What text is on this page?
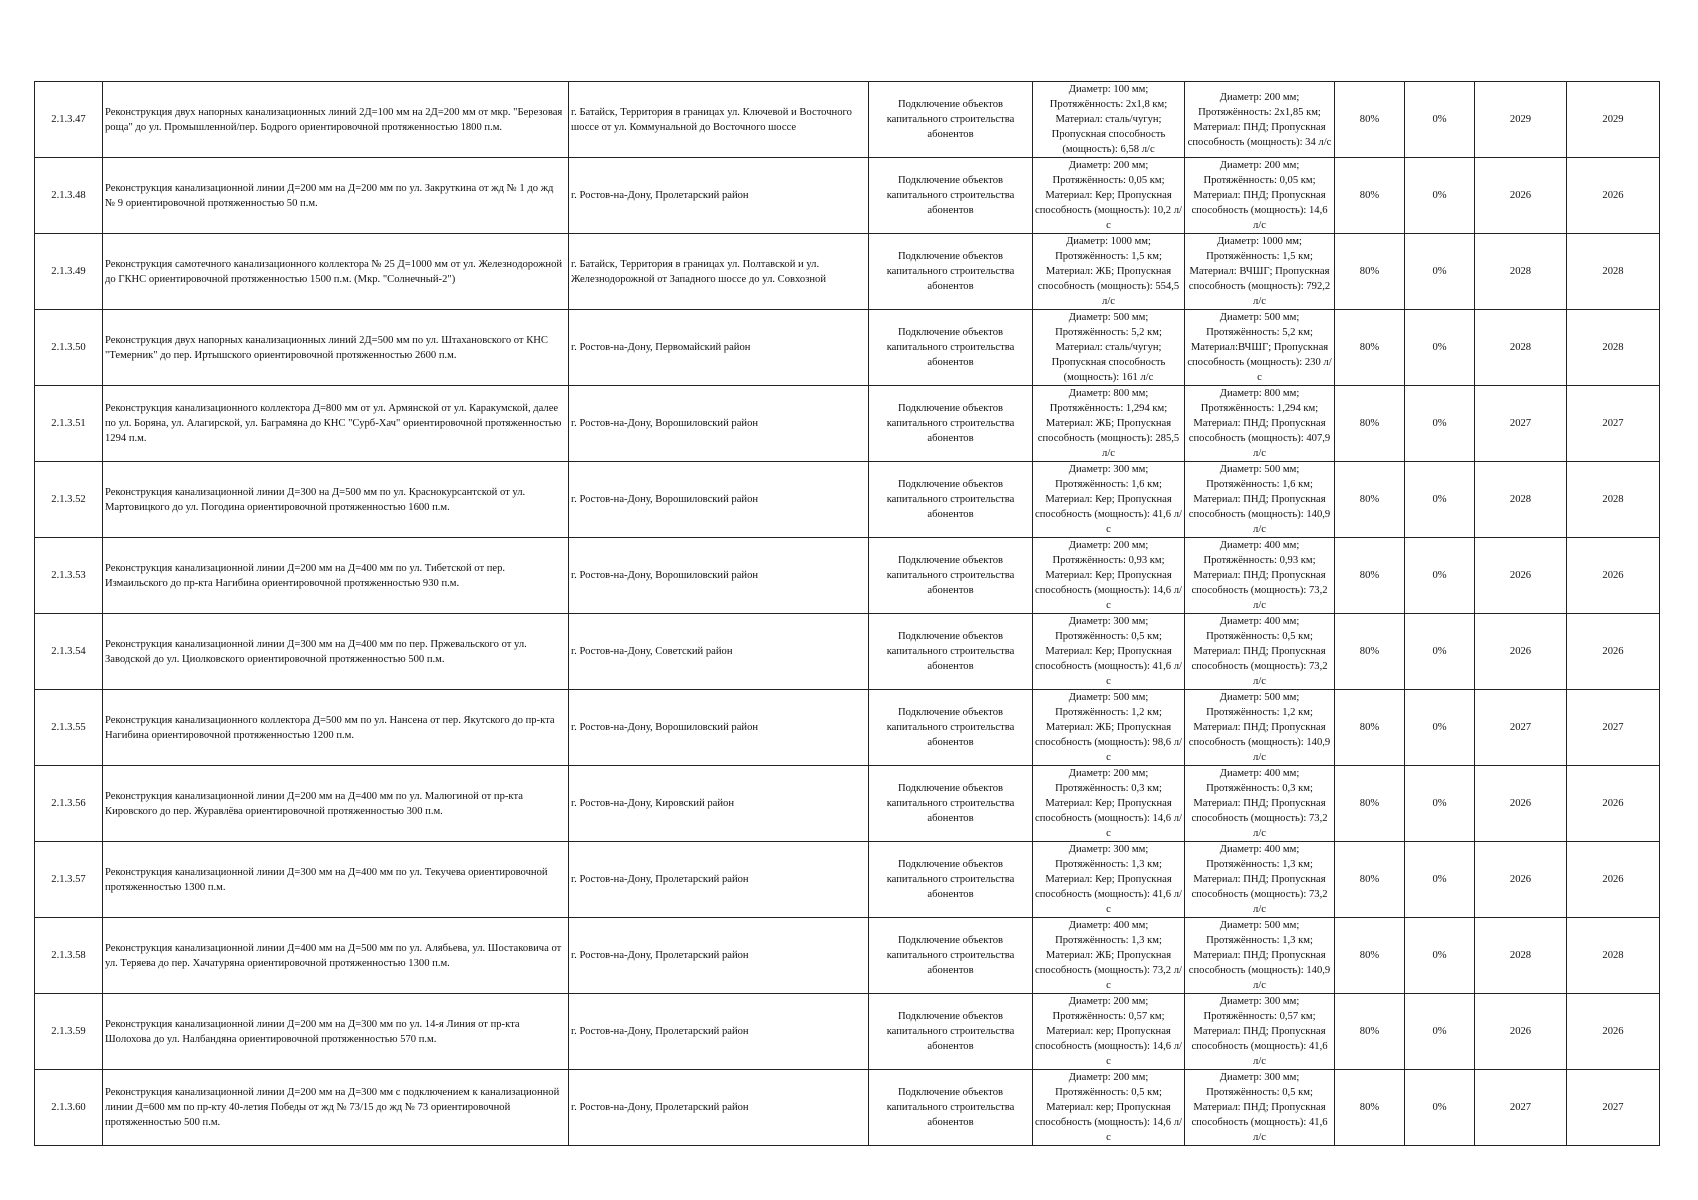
2.1.3.47	Реконструкция двух напорных канализационных линий 2Д=100 мм на 2Д=200 мм от мкр. "Березовая роща" до ул. Промышленной/пер. Бодрого ориентировочной протяженностью 1800 п.м.	г. Батайск, Территория в границах ул. Ключевой и Восточного шоссе от ул. Коммунальной до Восточного шоссе	Подключение объектов капитального строительства абонентов	Диаметр: 100 мм; Протяжённость: 2х1,8 км; Материал: сталь/чугун; Пропускная способность (мощность): 6,58 л/с	Диаметр: 200 мм; Протяжённость: 2х1,85 км; Материал: ПНД; Пропускная способность (мощность): 34 л/с	80%	0%	2029	2029
2.1.3.48	Реконструкция канализационной линии Д=200 мм на Д=200 мм по ул. Закруткина от жд № 1 до жд № 9 ориентировочной протяженностью 50 п.м.	г. Ростов-на-Дону, Пролетарский район	Подключение объектов капитального строительства абонентов	Диаметр: 200 мм; Протяжённость: 0,05 км; Материал: Кер; Пропускная способность (мощность): 10,2 л/с	Диаметр: 200 мм; Протяжённость: 0,05 км; Материал: ПНД; Пропускная способность (мощность): 14,6 л/с	80%	0%	2026	2026
2.1.3.49	Реконструкция самотечного канализационного коллектора № 25 Д=1000 мм от ул. Железнодорожной до ГКНС ориентировочной протяженностью 1500 п.м. (Мкр. "Солнечный-2")	г. Батайск, Территория в границах ул. Полтавской и ул. Железнодорожной от Западного шоссе до ул. Совхозной	Подключение объектов капитального строительства абонентов	Диаметр: 1000 мм; Протяжённость: 1,5 км; Материал: ЖБ; Пропускная способность (мощность): 554,5 л/с	Диаметр: 1000 мм; Протяжённость: 1,5 км; Материал: ВЧШГ; Пропускная способность (мощность): 792,2 л/с	80%	0%	2028	2028
2.1.3.50	Реконструкция двух напорных канализационных линий 2Д=500 мм по ул. Штахановского от КНС "Темерник" до пер. Иртышского ориентировочной протяженностью 2600 п.м.	г. Ростов-на-Дону, Первомайский район	Подключение объектов капитального строительства абонентов	Диаметр: 500 мм; Протяжённость: 5,2 км; Материал: сталь/чугун; Пропускная способность (мощность): 161 л/с	Диаметр: 500 мм; Протяжённость: 5,2 км; Материал:ВЧШГ; Пропускная способность (мощность): 230 л/с	80%	0%	2028	2028
2.1.3.51	Реконструкция канализационного коллектора Д=800 мм от ул. Армянской от ул. Каракумской, далее по ул. Боряна, ул. Алагирской, ул. Баграмяна до КНС "Сурб-Хач" ориентировочной протяженностью 1294 п.м.	г. Ростов-на-Дону, Ворошиловский район	Подключение объектов капитального строительства абонентов	Диаметр: 800 мм; Протяжённость: 1,294 км; Материал: ЖБ; Пропускная способность (мощность): 285,5 л/с	Диаметр: 800 мм; Протяжённость: 1,294 км; Материал: ПНД; Пропускная способность (мощность): 407,9 л/с	80%	0%	2027	2027
2.1.3.52	Реконструкция канализационной линии Д=300 на Д=500 мм по ул. Краснокурсантской от ул. Мартовицкого до ул. Погодина ориентировочной протяженностью 1600 п.м.	г. Ростов-на-Дону, Ворошиловский район	Подключение объектов капитального строительства абонентов	Диаметр: 300 мм; Протяжённость: 1,6 км; Материал: Кер; Пропускная способность (мощность): 41,6 л/с	Диаметр: 500 мм; Протяжённость: 1,6 км; Материал: ПНД; Пропускная способность (мощность): 140,9 л/с	80%	0%	2028	2028
2.1.3.53	Реконструкция канализационной линии Д=200 мм на Д=400 мм по ул. Тибетской от пер. Измаильского до пр-кта Нагибина ориентировочной протяженностью 930 п.м.	г. Ростов-на-Дону, Ворошиловский район	Подключение объектов капитального строительства абонентов	Диаметр: 200 мм; Протяжённость: 0,93 км; Материал: Кер; Пропускная способность (мощность): 14,6 л/с	Диаметр: 400 мм; Протяжённость: 0,93 км; Материал: ПНД; Пропускная способность (мощность): 73,2 л/с	80%	0%	2026	2026
2.1.3.54	Реконструкция канализационной линии Д=300 мм на Д=400 мм по пер. Пржевальского от ул. Заводской до ул. Циолковского ориентировочной протяженностью 500 п.м.	г. Ростов-на-Дону, Советский район	Подключение объектов капитального строительства абонентов	Диаметр: 300 мм; Протяжённость: 0,5 км; Материал: Кер; Пропускная способность (мощность): 41,6 л/с	Диаметр: 400 мм; Протяжённость: 0,5 км; Материал: ПНД; Пропускная способность (мощность): 73,2 л/с	80%	0%	2026	2026
2.1.3.55	Реконструкция канализационного коллектора Д=500 мм по ул. Нансена от пер. Якутского до пр-кта Нагибина ориентировочной протяженностью 1200 п.м.	г. Ростов-на-Дону, Ворошиловский район	Подключение объектов капитального строительства абонентов	Диаметр: 500 мм; Протяжённость: 1,2 км; Материал: ЖБ; Пропускная способность (мощность): 98,6 л/с	Диаметр: 500 мм; Протяжённость: 1,2 км; Материал: ПНД; Пропускная способность (мощность): 140,9 л/с	80%	0%	2027	2027
2.1.3.56	Реконструкция канализационной линии Д=200 мм на Д=400 мм по ул. Малюгиной от пр-кта Кировского до пер. Журавлёва ориентировочной протяженностью 300 п.м.	г. Ростов-на-Дону, Кировский район	Подключение объектов капитального строительства абонентов	Диаметр: 200 мм; Протяжённость: 0,3 км; Материал: Кер; Пропускная способность (мощность): 14,6 л/с	Диаметр: 400 мм; Протяжённость: 0,3 км; Материал: ПНД; Пропускная способность (мощность): 73,2 л/с	80%	0%	2026	2026
2.1.3.57	Реконструкция канализационной линии Д=300 мм на Д=400 мм по ул. Текучева ориентировочной протяженностью 1300 п.м.	г. Ростов-на-Дону, Пролетарский район	Подключение объектов капитального строительства абонентов	Диаметр: 300 мм; Протяжённость: 1,3 км; Материал: Кер; Пропускная способность (мощность): 41,6 л/с	Диаметр: 400 мм; Протяжённость: 1,3 км; Материал: ПНД; Пропускная способность (мощность): 73,2 л/с	80%	0%	2026	2026
2.1.3.58	Реконструкция канализационной линии Д=400 мм на Д=500 мм по ул. Алябьева, ул. Шостаковича от ул. Теряева до пер. Хачатуряна ориентировочной протяженностью 1300 п.м.	г. Ростов-на-Дону, Пролетарский район	Подключение объектов капитального строительства абонентов	Диаметр: 400 мм; Протяжённость: 1,3 км; Материал: ЖБ; Пропускная способность (мощность): 73,2 л/с	Диаметр: 500 мм; Протяжённость: 1,3 км; Материал: ПНД; Пропускная способность (мощность): 140,9 л/с	80%	0%	2028	2028
2.1.3.59	Реконструкция канализационной линии Д=200 мм на Д=300 мм по ул. 14-я Линия от пр-кта Шолохова до ул. Налбандяна ориентировочной протяженностью 570 п.м.	г. Ростов-на-Дону, Пролетарский район	Подключение объектов капитального строительства абонентов	Диаметр: 200 мм; Протяжённость: 0,57 км; Материал: кер; Пропускная способность (мощность): 14,6 л/с	Диаметр: 300 мм; Протяжённость: 0,57 км; Материал: ПНД; Пропускная способность (мощность): 41,6 л/с	80%	0%	2026	2026
2.1.3.60	Реконструкция канализационной линии Д=200 мм на Д=300 мм с подключением к канализационной линии Д=600 мм по пр-кту 40-летия Победы от жд № 73/15 до жд № 73 ориентировочной протяженностью 500 п.м.	г. Ростов-на-Дону, Пролетарский район	Подключение объектов капитального строительства абонентов	Диаметр: 200 мм; Протяжённость: 0,5 км; Материал: кер; Пропускная способность (мощность): 14,6 л/с	Диаметр: 300 мм; Протяжённость: 0,5 км; Материал: ПНД; Пропускная способность (мощность): 41,6 л/с	80%	0%	2027	2027
